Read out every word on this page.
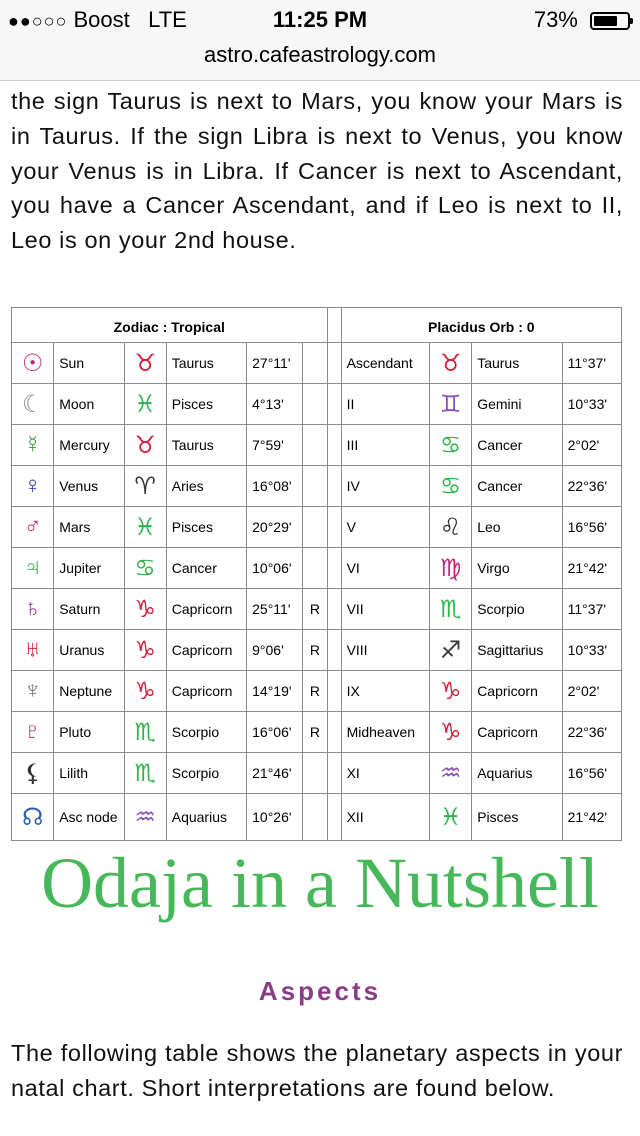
●●○○○ Boost LTE	11:25 PM	73%
astro.cafeastrology.com
the sign Taurus is next to Mars, you know your Mars is in Taurus. If the sign Libra is next to Venus, you know your Venus is in Libra. If Cancer is next to Ascendant, you have a Cancer Ascendant, and if Leo is next to II, Leo is on your 2nd house.
Zodiac : Tropical							Placidus Orb : 0			
☉	Sun	♉	Taurus	27°11'			Ascendant	♉	Taurus	11°37'
☾	Moon	♓	Pisces	4°13'			II	♊	Gemini	10°33'
☿	Mercury	♉	Taurus	7°59'			III	♋	Cancer	2°02'
♀	Venus	♈	Aries	16°08'			IV	♋	Cancer	22°36'
♂	Mars	♓	Pisces	20°29'			V	♌	Leo	16°56'
♃	Jupiter	♋	Cancer	10°06'			VI	♍	Virgo	21°42'
♄	Saturn	♑	Capricorn	25°11'	R		VII	♏	Scorpio	11°37'
♅	Uranus	♑	Capricorn	9°06'	R		VIII	♐	Sagittarius	10°33'
♆	Neptune	♑	Capricorn	14°19'	R		IX	♑	Capricorn	2°02'
♇	Pluto	♏	Scorpio	16°06'	R		Midheaven	♑	Capricorn	22°36'
⚸	Lilith	♏	Scorpio	21°46'			XI	♒	Aquarius	16°56'
☊	Asc node	♒	Aquarius	10°26'			XII	♓	Pisces	21°42'
Odaja in a Nutshell
Aspects
The following table shows the planetary aspects in your natal chart. Short interpretations are found below.
